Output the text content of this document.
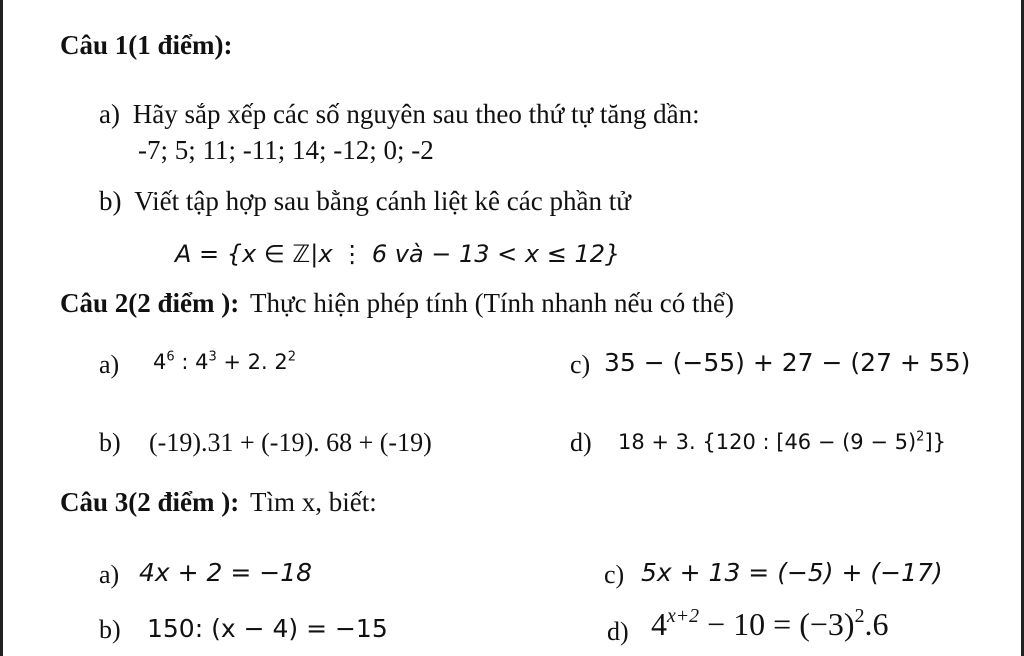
Câu 1(1 điểm):
a) Hãy sắp xếp các số nguyên sau theo thứ tự tăng dần:
-7; 5; 11; -11; 14; -12; 0; -2
b) Viết tập hợp sau bằng cánh liệt kê các phần tử
A = {x ∈ ℤ|x ⋮ 6 và − 13 < x ≤ 12}
Câu 2(2 điểm ): Thực hiện phép tính (Tính nhanh nếu có thể)
a) $4^6$ : $4^3 + 2$. $2^2$	c) 35 − (−55) + 27 − (27 + 55)
b) (-19).31 + (-19). 68 + (-19)	d) 18 + 3. {120 : $[46 - (9 - 5)^2]$}
Câu 3(2 điểm ): Tìm x, biết:
a) 4x + 2 = −18	c) 5x + 13 = (−5) + (−17)
b) 150: (x − 4) = −15	d) $4^{x+2} - 10 = (-3)^2.6$
